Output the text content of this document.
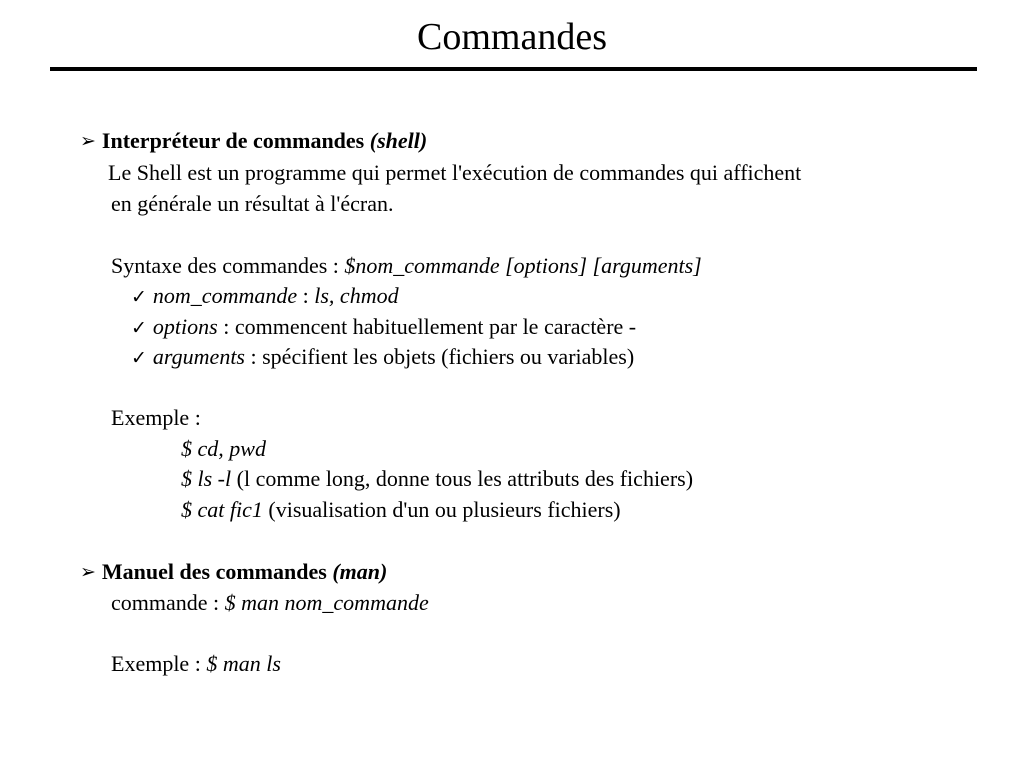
Commandes
➢ Interpréteur de commandes (shell)
Le Shell est un programme qui permet l'exécution de commandes qui affichent
en générale un résultat à l'écran.
Syntaxe des commandes : $nom_commande [options] [arguments]
✓ nom_commande : ls, chmod
✓ options : commencent habituellement par le caractère -
✓ arguments : spécifient les objets (fichiers ou variables)
Exemple :
$ cd, pwd
$ ls -l (l comme long, donne tous les attributs des fichiers)
$ cat fic1 (visualisation d'un ou plusieurs fichiers)
➢ Manuel des commandes (man)
commande : $ man nom_commande
Exemple : $ man ls
